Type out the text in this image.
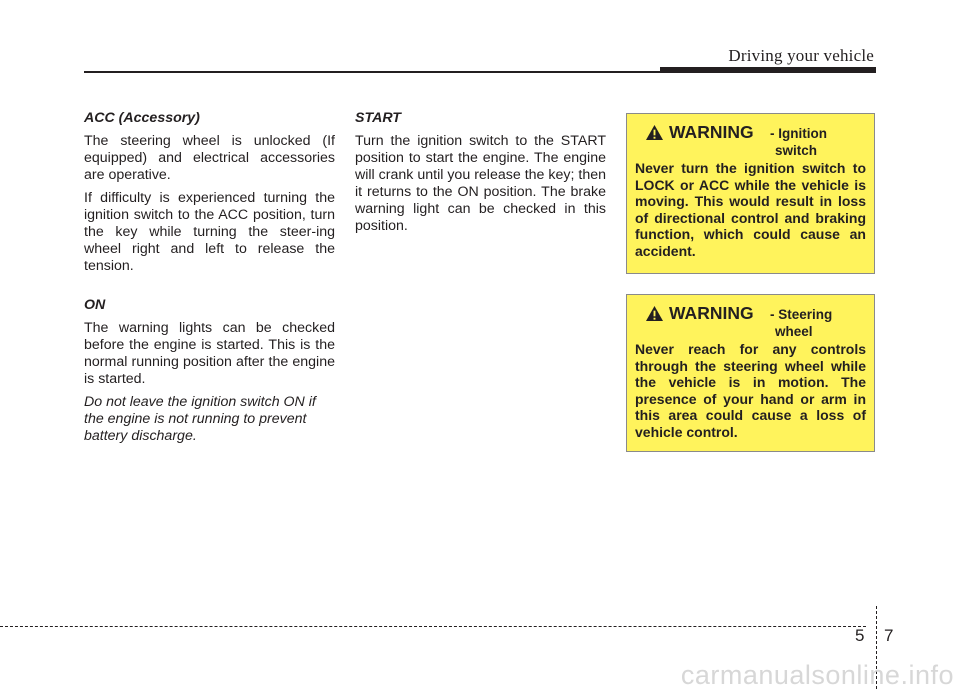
Driving your vehicle
ACC (Accessory)

The steering wheel is unlocked (If equipped) and electrical accessories are operative.

If difficulty is experienced turning the ignition switch to the ACC position, turn the key while turning the steer-ing wheel right and left to release the tension.

ON

The warning lights can be checked before the engine is started. This is the normal running position after the engine is started.

Do not leave the ignition switch ON if the engine is not running to prevent battery discharge.

START

Turn the ignition switch to the START position to start the engine. The engine will crank until you release the key; then it returns to the ON position. The brake warning light can be checked in this position.

WARNING - Ignition
switch
Never turn the ignition switch to LOCK or ACC while the vehicle is moving. This would result in loss of directional control and braking function, which could cause an accident.
WARNING - Steering
wheel
Never reach for any controls through the steering wheel while the vehicle is in motion. The presence of your hand or arm in this area could cause a loss of vehicle control.
5 7
carmanualsonline.info
